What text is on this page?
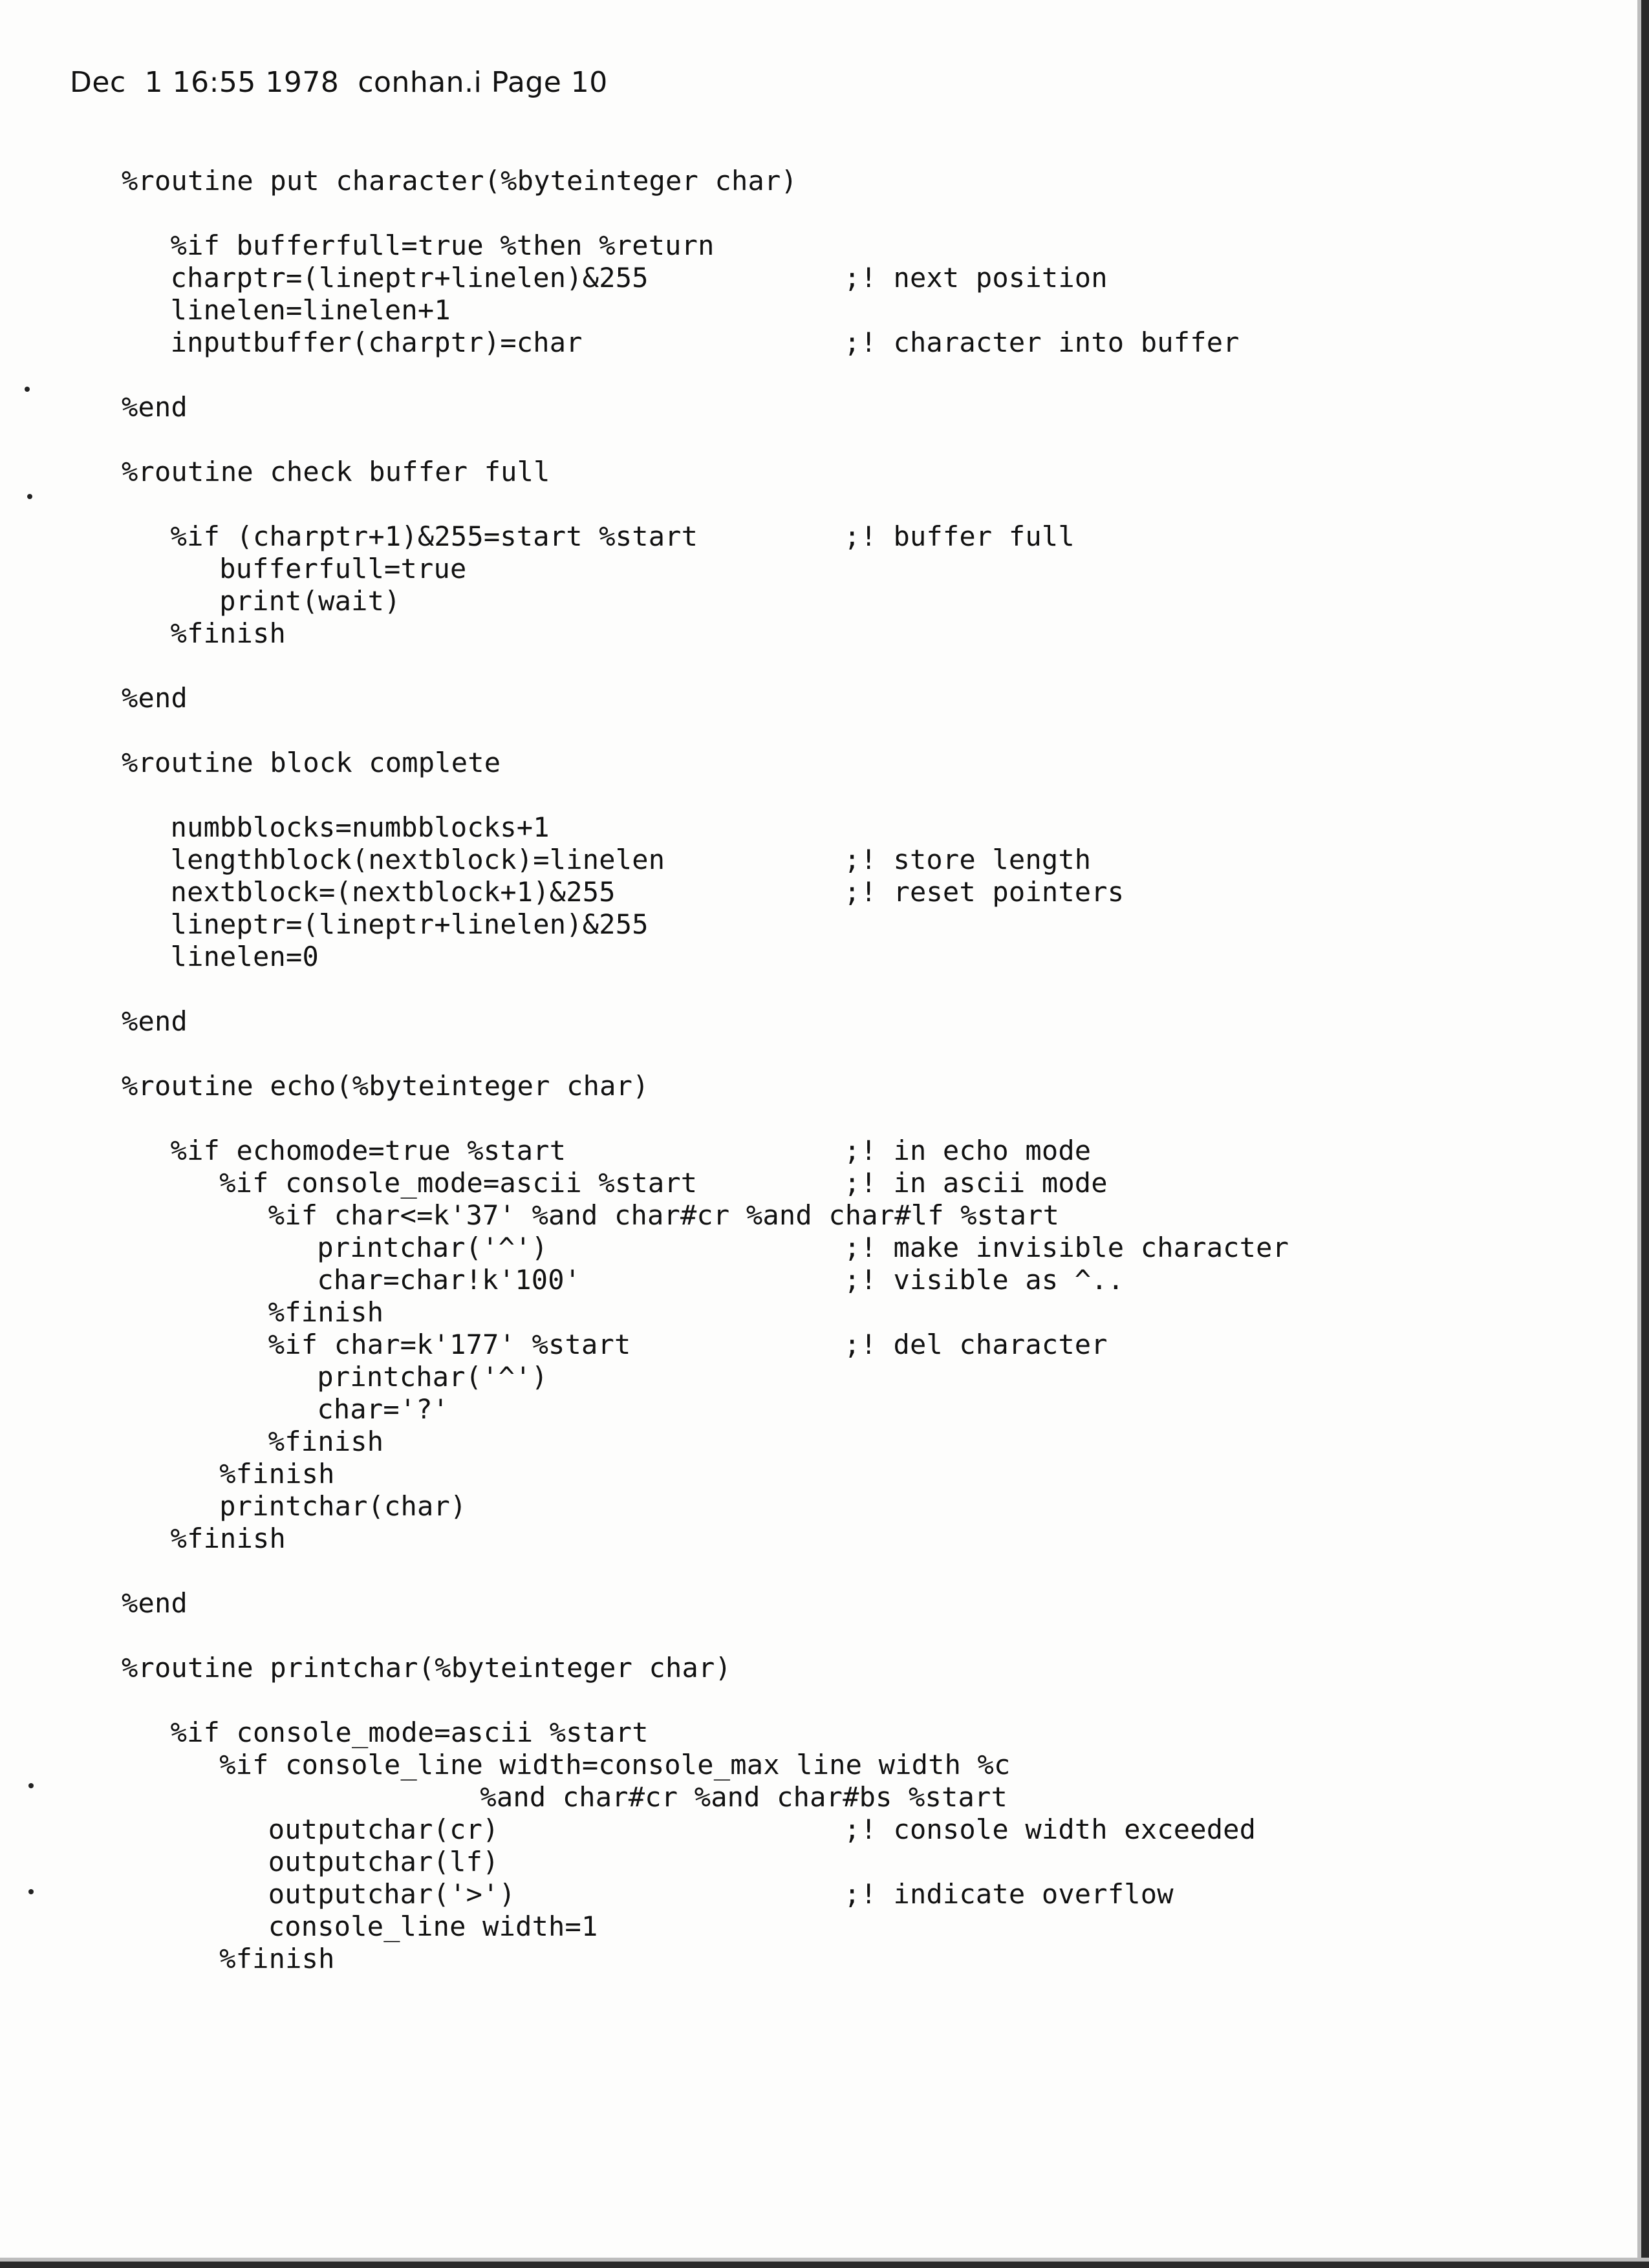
Dec  1 16:55 1978  conhan.i Page 10
%routine put character(%byteinteger char)
%if bufferfull=true %then %return
charptr=(lineptr+linelen)&255	;! next position
linelen=linelen+1
inputbuffer(charptr)=char	;! character into buffer
%end
%routine check buffer full
%if (charptr+1)&255=start %start	;! buffer full
bufferfull=true
print(wait)
%finish
%end
%routine block complete
numbblocks=numbblocks+1
lengthblock(nextblock)=linelen	;! store length
nextblock=(nextblock+1)&255	;! reset pointers
lineptr=(lineptr+linelen)&255
linelen=0
%end
%routine echo(%byteinteger char)
%if echomode=true %start	;! in echo mode
%if console_mode=ascii %start	;! in ascii mode
%if char<=k'37' %and char#cr %and char#lf %start
printchar('^')	;! make invisible character
char=char!k'100'	;! visible as ^..
%finish
%if char=k'177' %start	;! del character
printchar('^')
char='?'
%finish
%finish
printchar(char)
%finish
%end
%routine printchar(%byteinteger char)
%if console_mode=ascii %start
%if console_line width=console_max line width %c
%and char#cr %and char#bs %start
outputchar(cr)	;! console width exceeded
outputchar(lf)
outputchar('>')	;! indicate overflow
console_line width=1
%finish
